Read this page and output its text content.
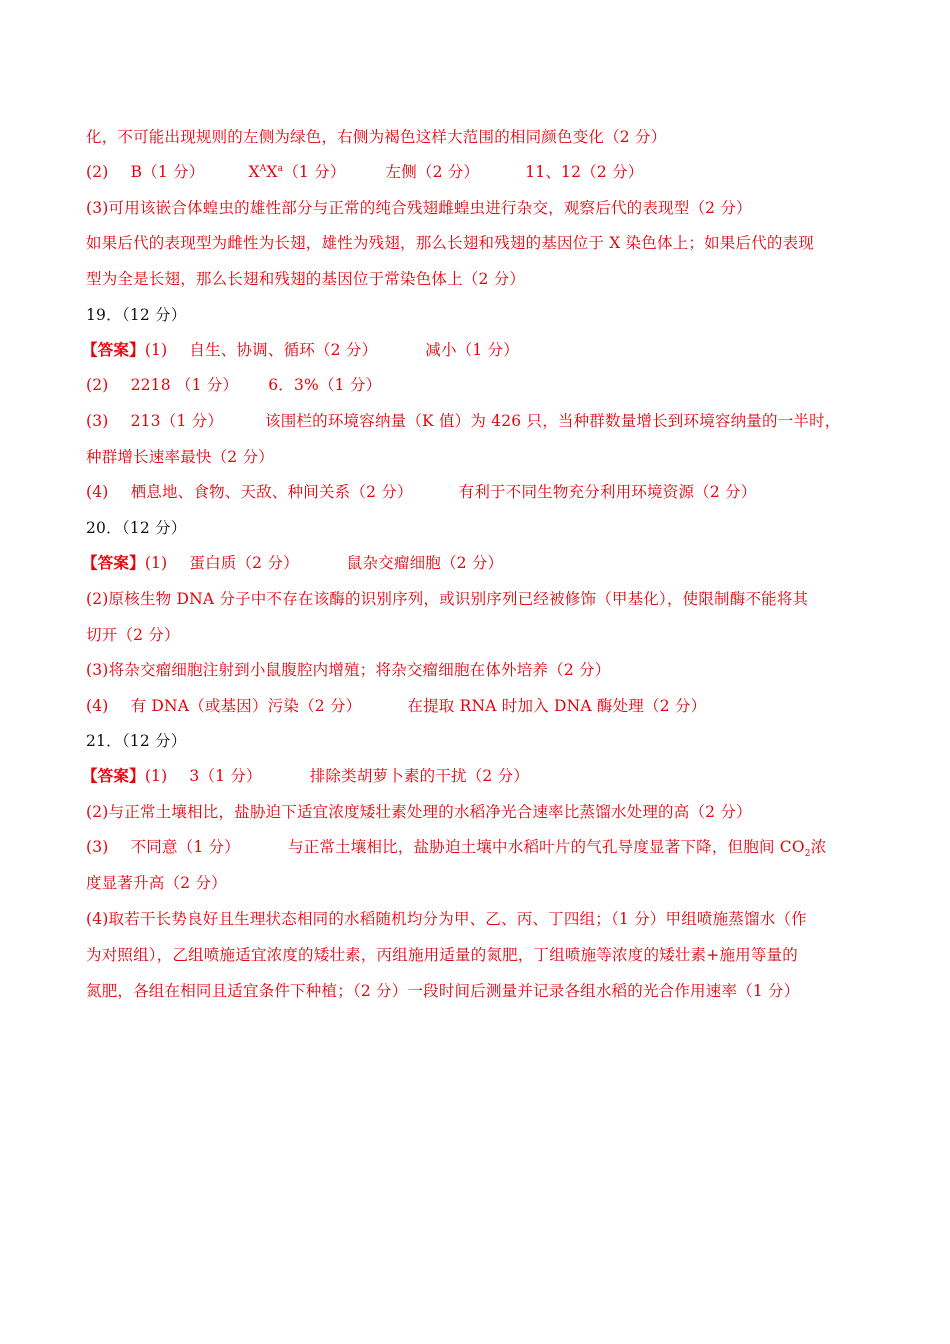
化，不可能出现规则的左侧为绿色，右侧为褐色这样大范围的相同颜色变化（2 分）
(2) B（1 分）	$X^AX^a(1$ 分）	左侧（2 分）	11、12（2 分）
(3)可用该嵌合体蝗虫的雄性部分与正常的纯合残翅雌蝗虫进行杂交，观察后代的表现型（2 分）
如果后代的表现型为雌性为长翅，雄性为残翅，那么长翅和残翅的基因位于 X 染色体上；如果后代的表现
型为全是长翅，那么长翅和残翅的基因位于常染色体上（2 分）
19．（12 分）
【答案】(1) 自生、协调、循环（2 分）	减小（1 分）
(2) 2218 （1 分） 6．3%（1 分）
(3) 213（1 分）	该围栏的环境容纳量（K 值）为 426 只，当种群数量增长到环境容纳量的一半时，
种群增长速率最快（2 分）
(4) 栖息地、食物、天敌、种间关系（2 分）	有利于不同生物充分利用环境资源（2 分）
20．（12 分）
【答案】(1) 蛋白质（2 分）	鼠杂交瘤细胞（2 分）
(2)原核生物 DNA 分子中不存在该酶的识别序列，或识别序列已经被修饰（甲基化），使限制酶不能将其
切开（2 分）
(3)将杂交瘤细胞注射到小鼠腹腔内增殖；将杂交瘤细胞在体外培养（2 分）
(4) 有 DNA（或基因）污染（2 分）	在提取 RNA 时加入 DNA 酶处理（2 分）
21．（12 分）
【答案】(1) 3（1 分）	排除类胡萝卜素的干扰（2 分）
(2)与正常土壤相比，盐胁迫下适宜浓度矮壮素处理的水稻净光合速率比蒸馏水处理的高（2 分）
(3) 不同意（1 分）	与正常土壤相比，盐胁迫土壤中水稻叶片的气孔导度显著下降，但胞间 $CO_2$浓
度显著升高（2 分）
(4)取若干长势良好且生理状态相同的水稻随机均分为甲、乙、丙、丁四组；（1 分）甲组喷施蒸馏水（作
为对照组），乙组喷施适宜浓度的矮壮素，丙组施用适量的氮肥，丁组喷施等浓度的矮壮素+施用等量的
氮肥，各组在相同且适宜条件下种植；（2 分）一段时间后测量并记录各组水稻的光合作用速率（1 分）
